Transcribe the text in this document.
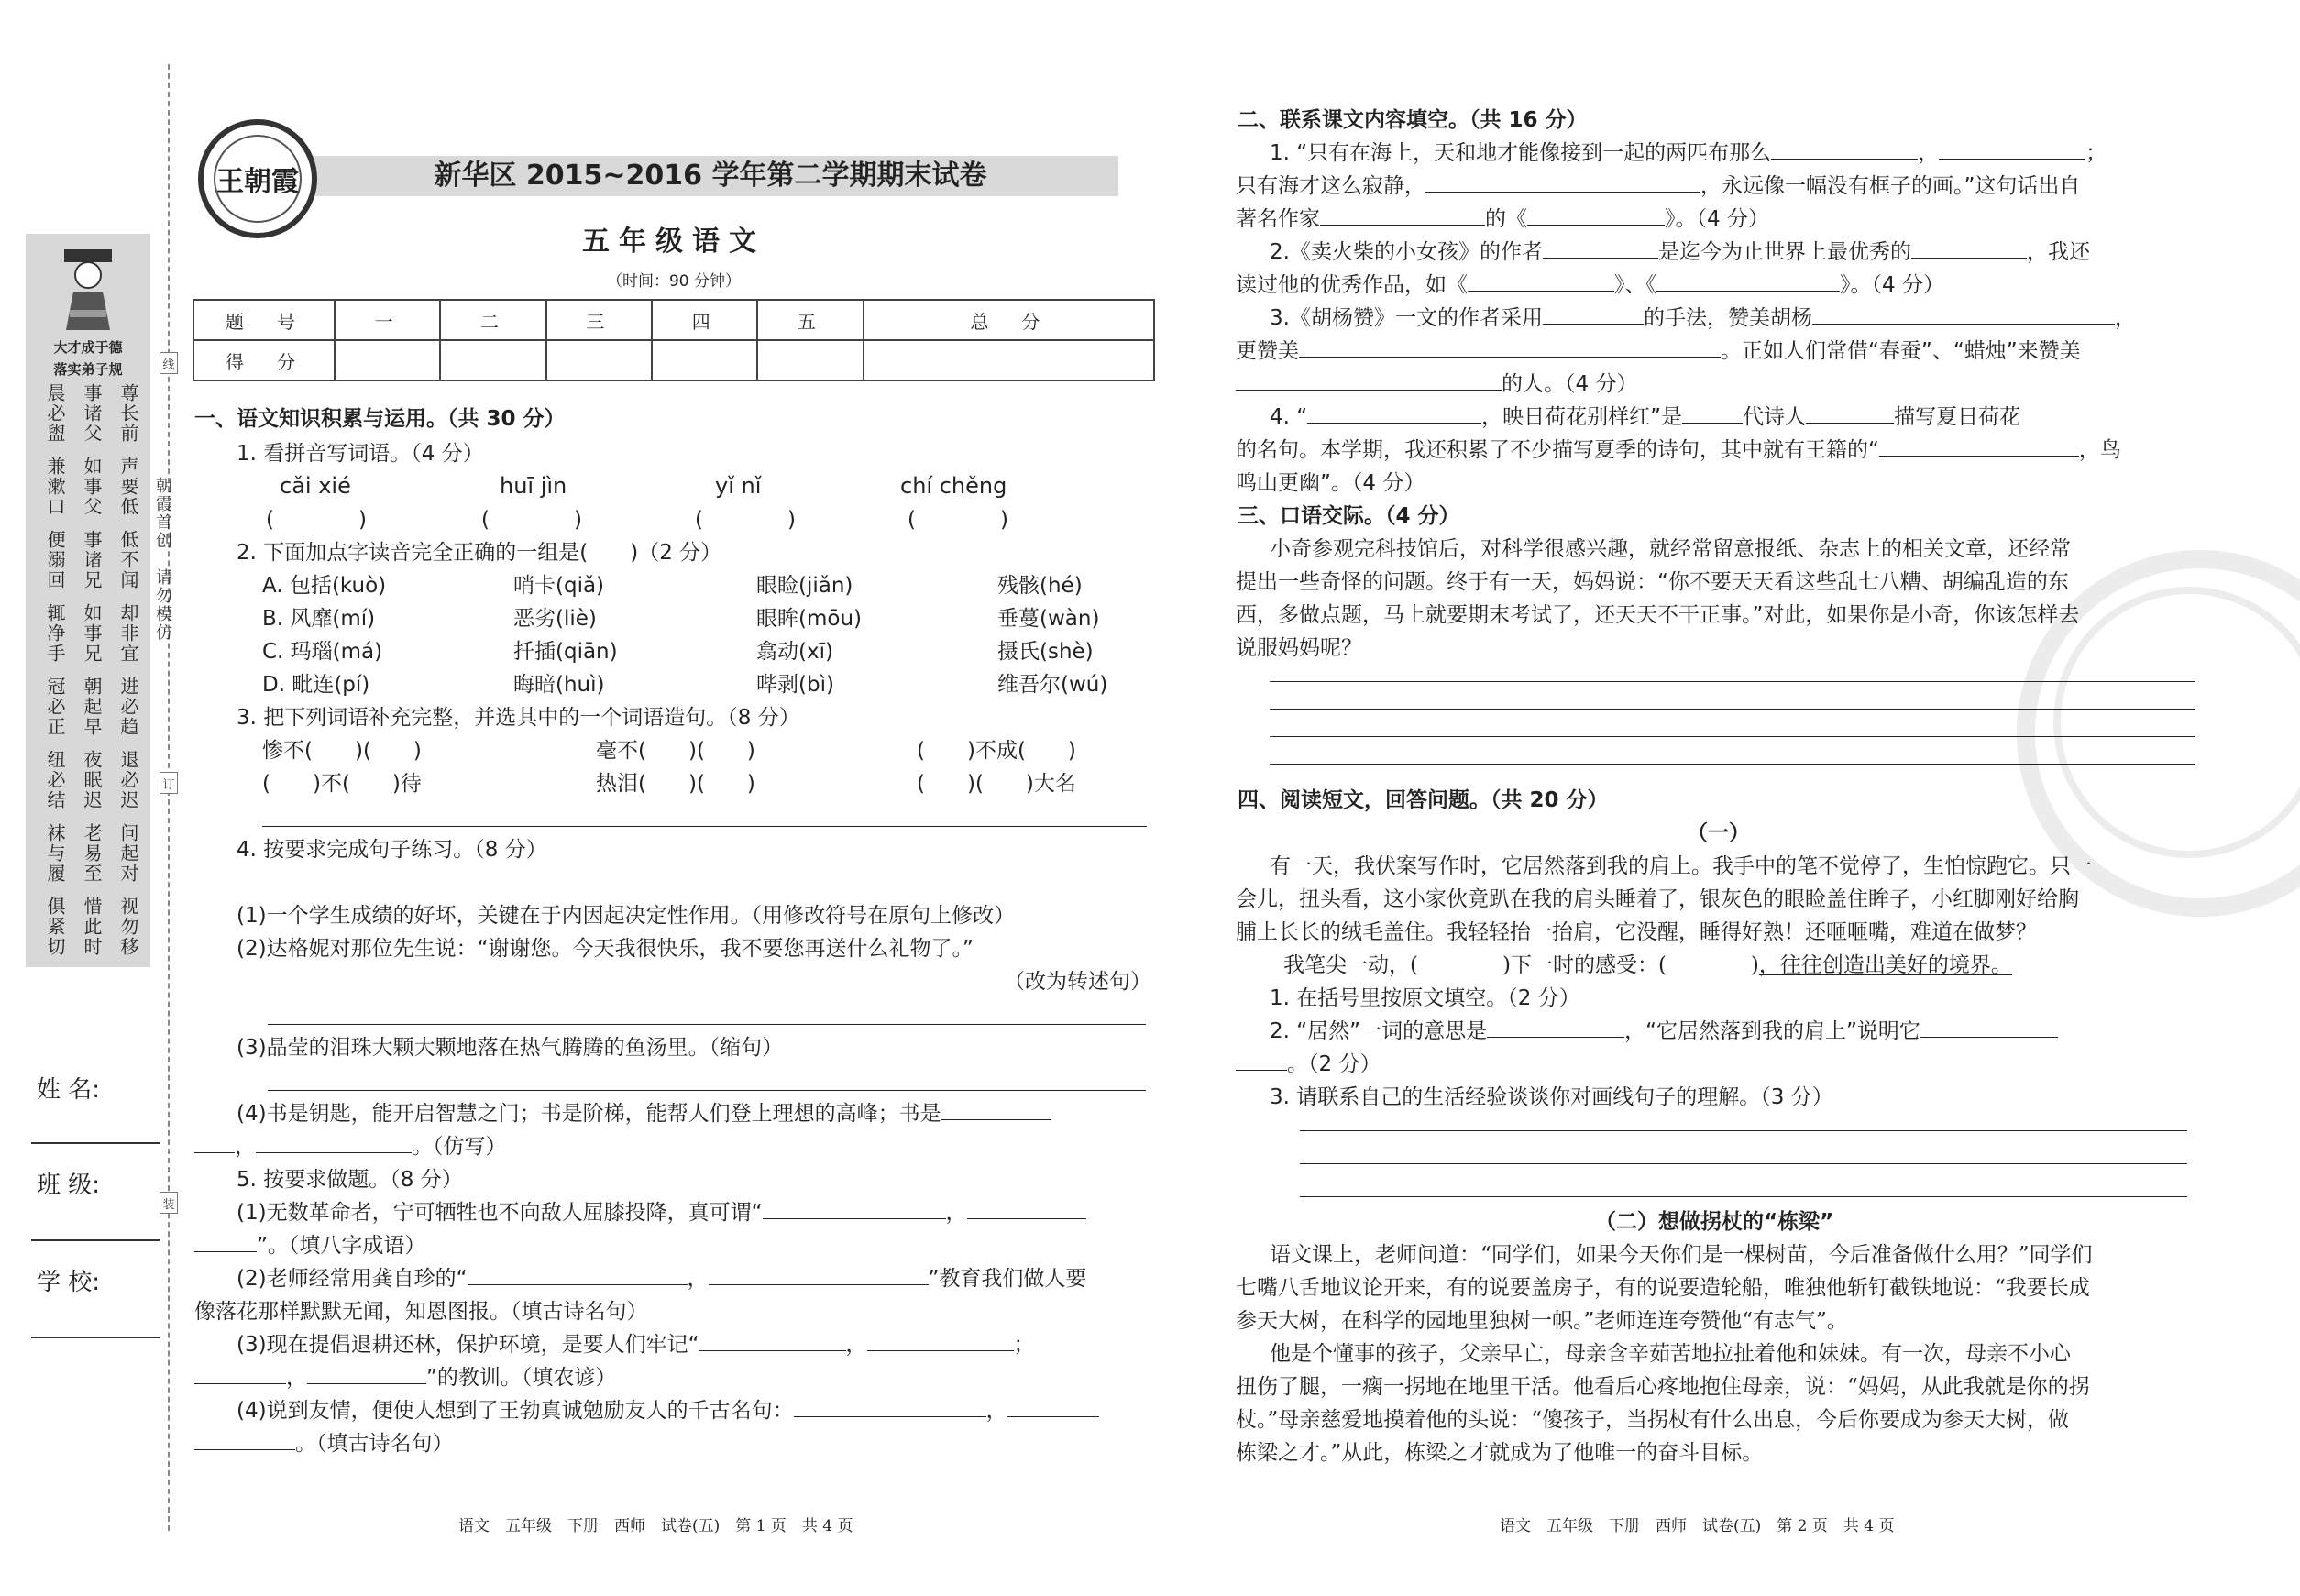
大才成于德
落实弟子规
晨必盥 事诸父 尊长前
兼漱口 如事父 声要低
便溺回 事诸兄 低不闻
辄净手 如事兄 却非宜
冠必正 朝起早 进必趋
纽必结 夜眠迟 退必迟
袜与履 老易至 问起对
俱紧切 惜此时 视勿移
线
订
装
朝霞首创
请勿模仿
姓 名:
班 级:
学 校:
王朝霞	新华区 2015~2016 学年第二学期期末试卷
五年级语文
（时间：90 分钟）
题　号	一	二	三	四	五	总　分
得　分						
一、语文知识积累与运用。（共 30 分）
1. 看拼音写词语。（4 分）
cǎi xié	huī jìn	yǐ nǐ	chí chěng
(　　　　)	(　　　　)	(　　　　)	(　　　　)
2. 下面加点字读音完全正确的一组是(　　)（2 分）
A. 包括(kuò)	哨卡(qiǎ)	眼睑(jiǎn)	残骸(hé)
B. 风靡(mí)	恶劣(liè)	眼眸(mōu)	垂蔓(wàn)
C. 玛瑙(má)	扦插(qiān)	翕动(xī)	摄氏(shè)
D. 毗连(pí)	晦暗(huì)	哔剥(bì)	维吾尔(wú)
3. 把下列词语补充完整，并选其中的一个词语造句。（8 分）
惨不(　　)(　　)	毫不(　　)(　　)	(　　)不成(　　)
(　　)不(　　)待	热泪(　　)(　　)	(　　)(　　)大名
4. 按要求完成句子练习。（8 分）
(1)一个学生成绩的好坏，关键在于内因起决定性作用。（用修改符号在原句上修改）
(2)达格妮对那位先生说：“谢谢您。今天我很快乐，我不要您再送什么礼物了。”
（改为转述句）
(3)晶莹的泪珠大颗大颗地落在热气腾腾的鱼汤里。（缩句）
(4)书是钥匙，能开启智慧之门；书是阶梯，能帮人们登上理想的高峰；书是
，	。（仿写）
5. 按要求做题。（8 分）
(1)无数革命者，宁可牺牲也不向敌人屈膝投降，真可谓“	，
”。（填八字成语）
(2)老师经常用龚自珍的“	，	”教育我们做人要
像落花那样默默无闻，知恩图报。（填古诗名句）
(3)现在提倡退耕还林，保护环境，是要人们牢记“	，	；
，	”的教训。（填农谚）
(4)说到友情，便使人想到了王勃真诚勉励友人的千古名句：	，
。（填古诗名句）
语文　五年级　下册　西师　试卷(五)　第 1 页　共 4 页
二、联系课文内容填空。（共 16 分）
1. “只有在海上，天和地才能像接到一起的两匹布那么	，	；
只有海才这么寂静，	，永远像一幅没有框子的画。”这句话出自
著名作家	的《	》。（4 分）
2.《卖火柴的小女孩》的作者	是迄今为止世界上最优秀的	，我还
读过他的优秀作品，如《	》、《	》。（4 分）
3.《胡杨赞》一文的作者采用	的手法，赞美胡杨	，
更赞美	。正如人们常借“春蚕”、“蜡烛”来赞美
的人。（4 分）
4. “	，映日荷花别样红”是	代诗人	描写夏日荷花
的名句。本学期，我还积累了不少描写夏季的诗句，其中就有王籍的“	，鸟
鸣山更幽”。（4 分）
三、口语交际。（4 分）
小奇参观完科技馆后，对科学很感兴趣，就经常留意报纸、杂志上的相关文章，还经常
提出一些奇怪的问题。终于有一天，妈妈说：“你不要天天看这些乱七八糟、胡编乱造的东
西，多做点题，马上就要期末考试了，还天天不干正事。”对此，如果你是小奇，你该怎样去
说服妈妈呢？
四、阅读短文，回答问题。（共 20 分）
（一）
有一天，我伏案写作时，它居然落到我的肩上。我手中的笔不觉停了，生怕惊跑它。只一
会儿，扭头看，这小家伙竟趴在我的肩头睡着了，银灰色的眼睑盖住眸子，小红脚刚好给胸
脯上长长的绒毛盖住。我轻轻抬一抬肩，它没醒，睡得好熟！还咂咂嘴，难道在做梦？
我笔尖一动，(　　　　)下一时的感受：(　　　　)，往往创造出美好的境界。
1. 在括号里按原文填空。（2 分）
2. “居然”一词的意思是	，“它居然落到我的肩上”说明它
。（2 分）
3. 请联系自己的生活经验谈谈你对画线句子的理解。（3 分）
（二）想做拐杖的“栋梁”
语文课上，老师问道：“同学们，如果今天你们是一棵树苗，今后准备做什么用？”同学们
七嘴八舌地议论开来，有的说要盖房子，有的说要造轮船，唯独他斩钉截铁地说：“我要长成
参天大树，在科学的园地里独树一帜。”老师连连夸赞他“有志气”。
他是个懂事的孩子，父亲早亡，母亲含辛茹苦地拉扯着他和妹妹。有一次，母亲不小心
扭伤了腿，一瘸一拐地在地里干活。他看后心疼地抱住母亲，说：“妈妈，从此我就是你的拐
杖。”母亲慈爱地摸着他的头说：“傻孩子，当拐杖有什么出息，今后你要成为参天大树，做
栋梁之才。”从此，栋梁之才就成为了他唯一的奋斗目标。
语文　五年级　下册　西师　试卷(五)　第 2 页　共 4 页
